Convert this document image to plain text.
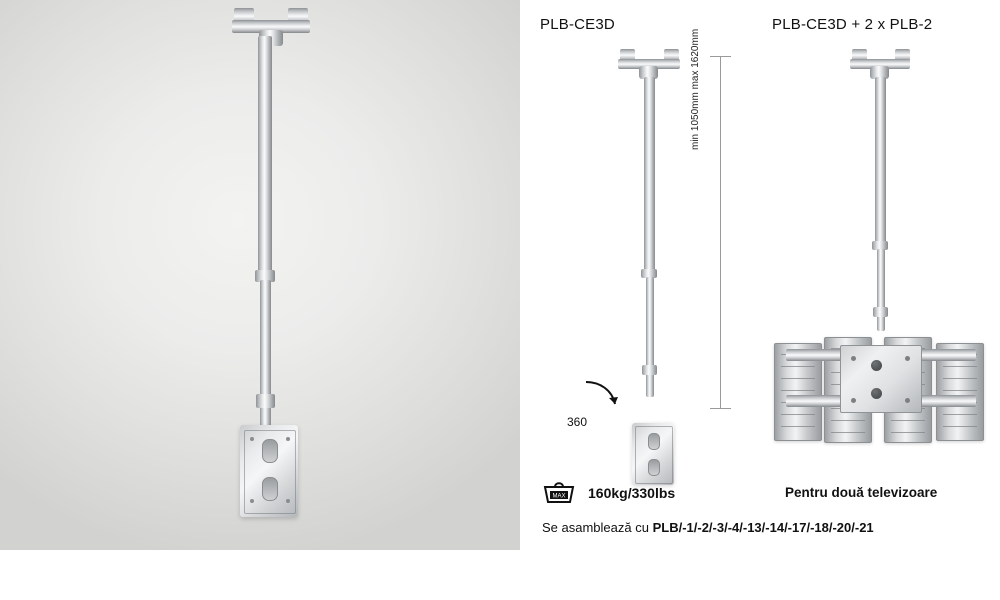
PLB-CE3D	PLB-CE3D + 2 x PLB-2
360
min 1050mm max 1620mm
MAX 160kg/330lbs	Pentru două televizoare
Se asamblează cu PLB/-1/-2/-3/-4/-13/-14/-17/-18/-20/-21
